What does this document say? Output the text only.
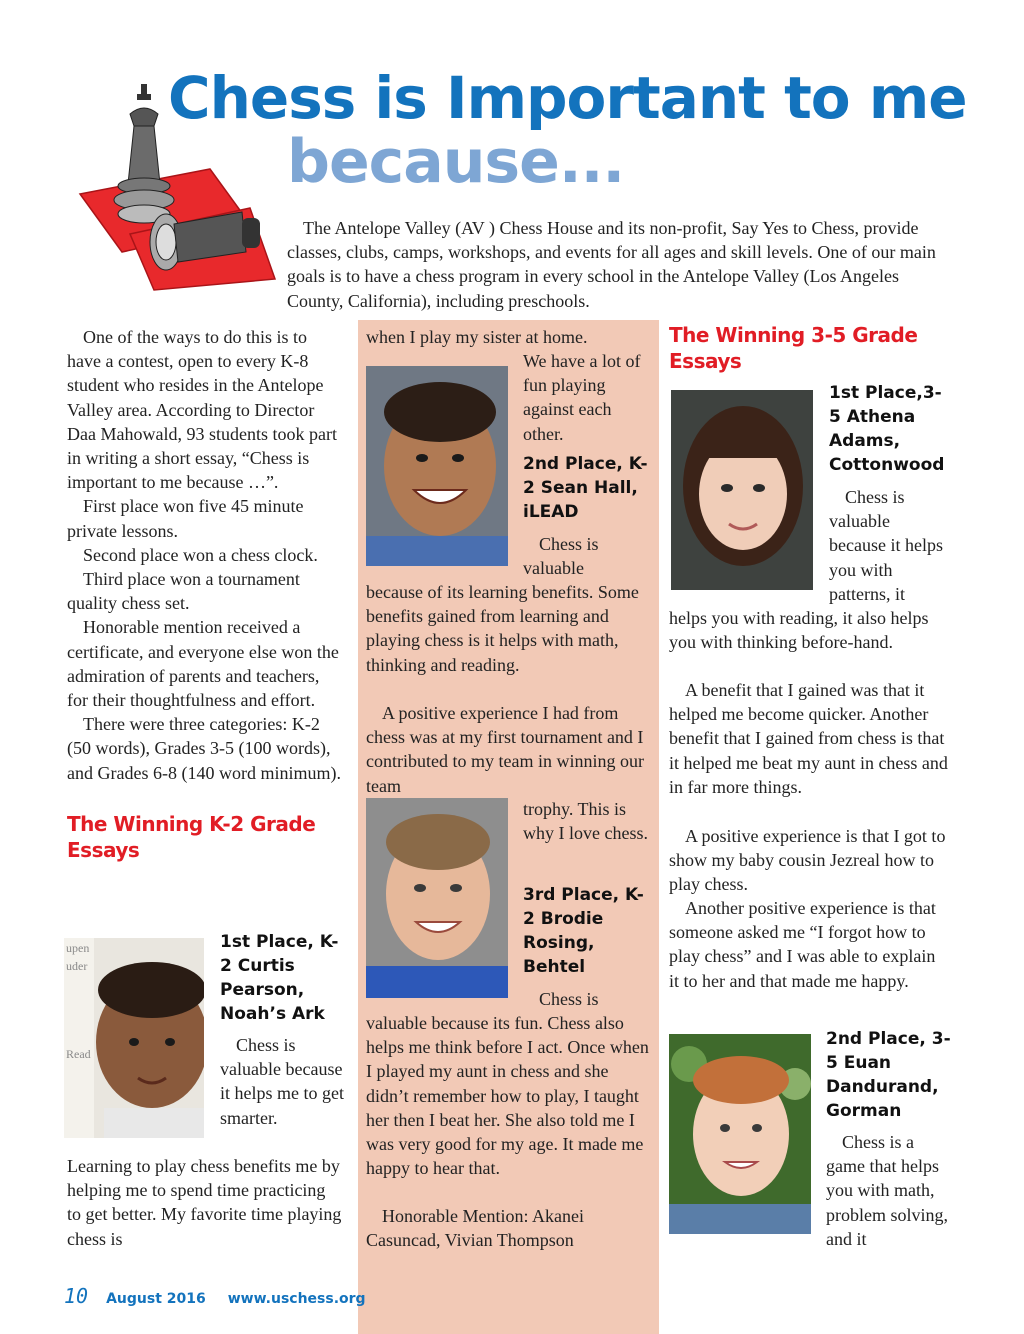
Chess is Important to me
because...

The Antelope Valley (AV ) Chess House and its non-profit, Say Yes to Chess, provide classes, clubs, camps, workshops, and events for all ages and skill levels. One of our main goals is to have a chess program in every school in the Antelope Valley (Los Angeles County, California), including preschools.

One of the ways to do this is to have a contest, open to every K-8 student who resides in the Antelope Valley area. According to Director Daa Mahowald, 93 students took part in writing a short essay, “Chess is important to me because …”.

First place won five 45 minute private lessons.

Second place won a chess clock.

Third place won a tournament quality chess set.

Honorable mention received a certificate, and everyone else won the admiration of parents and teachers, for their thoughtfulness and effort.

There were three categories: K-2 (50 words), Grades 3-5 (100 words), and Grades 6-8 (140 word minimum).

The Winning K-2 Grade Essays
upen
uder
Read
1st Place, K-2 Curtis Pearson, Noah’s Ark

Chess is valuable because it helps me to get smarter.

Learning to play chess benefits me by helping me to spend time practicing to get better. My favorite time playing chess is

when I play my sister at home.

We have a lot of fun playing against each other.

2nd Place, K-2 Sean Hall, iLEAD

Chess is valuable

because of its learning benefits. Some benefits gained from learning and playing chess is it helps with math, thinking and reading.

A positive experience I had from chess was at my first tournament and I contributed to my team in winning our team

trophy. This is why I love chess.

3rd Place, K-2 Brodie Rosing, Behtel

Chess is

valuable because its fun. Chess also helps me think before I act. Once when I played my aunt in chess and she didn’t remember how to play, I taught her then I beat her. She also told me I was very good for my age. It made me happy to hear that.

Honorable Mention: Akanei Casuncad, Vivian Thompson

The Winning 3-5 Grade Essays
1st Place,3-5 Athena Adams, Cottonwood

Chess is valuable because it helps you with patterns, it

helps you with reading, it also helps you with thinking before-hand.

A benefit that I gained was that it helped me become quicker. Another benefit that I gained from chess is that it helped me beat my aunt in chess and in far more things.

A positive experience is that I got to show my baby cousin Jezreal how to play chess.

Another positive experience is that someone asked me “I forgot how to play chess” and I was able to explain it to her and that made me happy.

2nd Place, 3-5 Euan Dandurand, Gorman

Chess is a game that helps you with math, problem solving, and it

10 August 2016 www.uschess.org
